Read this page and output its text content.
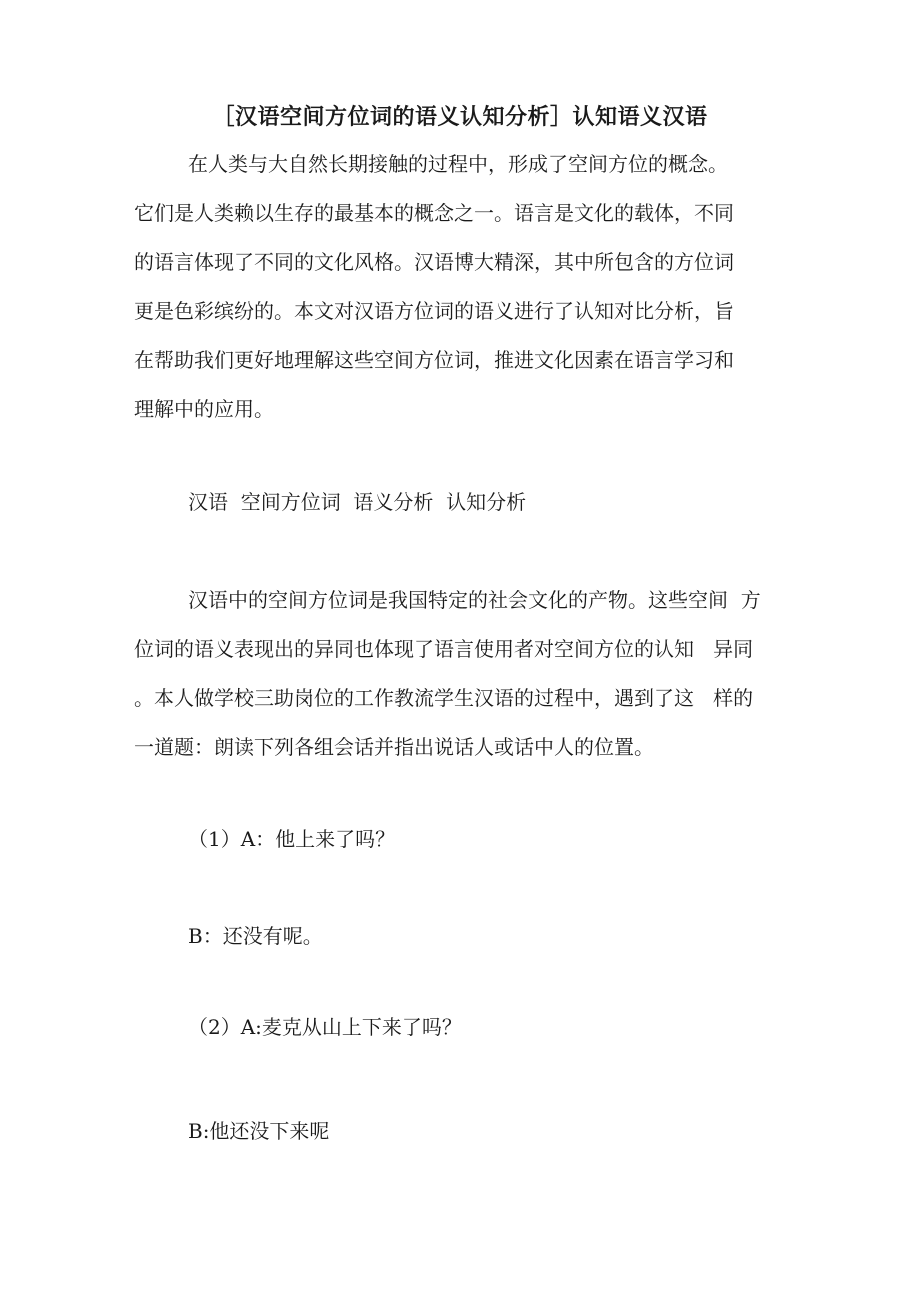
［汉语空间方位词的语义认知分析］认知语义汉语
在人类与大自然长期接触的过程中，形成了空间方位的概念。
它们是人类赖以生存的最基本的概念之一。语言是文化的载体，不同
的语言体现了不同的文化风格。汉语博大精深，其中所包含的方位词
更是色彩缤纷的。本文对汉语方位词的语义进行了认知对比分析，旨
在帮助我们更好地理解这些空间方位词，推进文化因素在语言学习和
理解中的应用。
汉语  空间方位词  语义分析  认知分析
汉语中的空间方位词是我国特定的社会文化的产物。这些空间  方
位词的语义表现出的异同也体现了语言使用者对空间方位的认知   异同
。本人做学校三助岗位的工作教流学生汉语的过程中，遇到了这   样的
一道题：朗读下列各组会话并指出说话人或话中人的位置。

（1）A：他上来了吗？

B：还没有呢。

（2）A:麦克从山上下来了吗？

B:他还没下来呢
